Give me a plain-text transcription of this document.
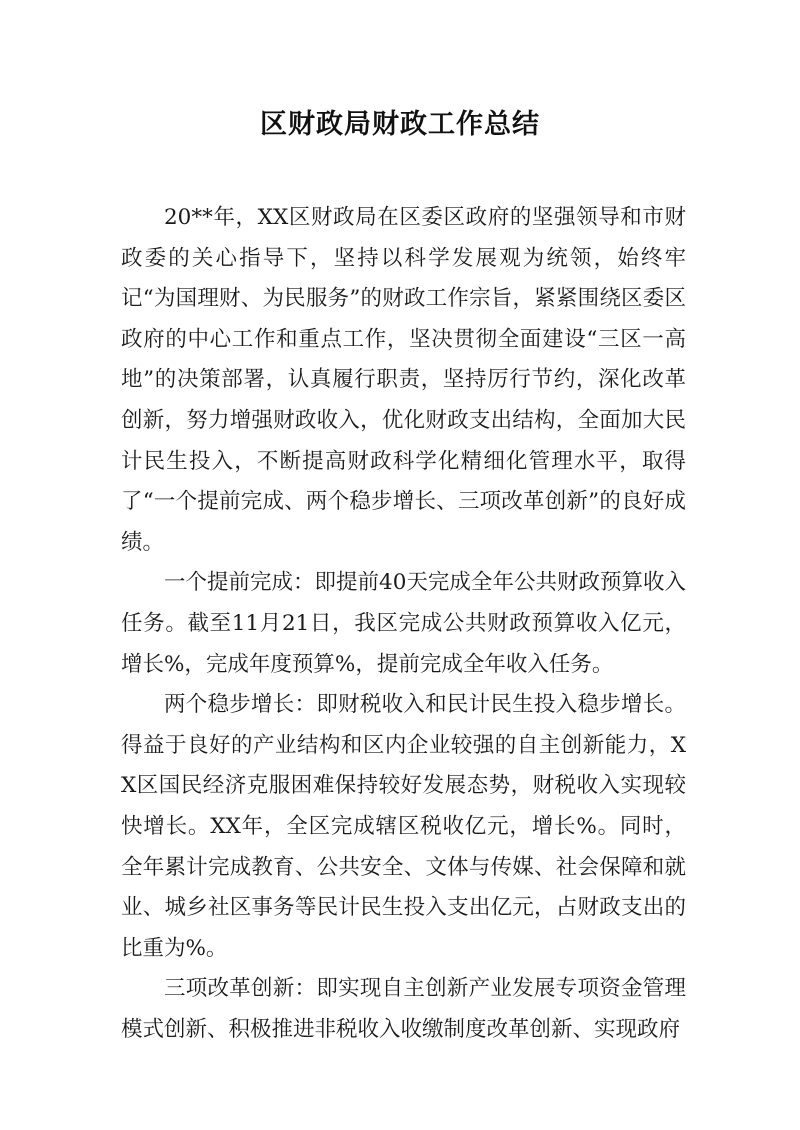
区财政局财政工作总结

20**年，XX区财政局在区委区政府的坚强领导和市财政委的关心指导下，坚持以科学发展观为统领，始终牢记“为国理财、为民服务”的财政工作宗旨，紧紧围绕区委区政府的中心工作和重点工作，坚决贯彻全面建设“三区一高地”的决策部署，认真履行职责，坚持厉行节约，深化改革创新，努力增强财政收入，优化财政支出结构，全面加大民计民生投入，不断提高财政科学化精细化管理水平，取得了“一个提前完成、两个稳步增长、三项改革创新”的良好成绩。

一个提前完成：即提前40天完成全年公共财政预算收入任务。截至11月21日，我区完成公共财政预算收入亿元，增长%，完成年度预算%，提前完成全年收入任务。

两个稳步增长：即财税收入和民计民生投入稳步增长。得益于良好的产业结构和区内企业较强的自主创新能力，XX区国民经济克服困难保持较好发展态势，财税收入实现较快增长。XX年，全区完成辖区税收亿元，增长%。同时，全年累计完成教育、公共安全、文体与传媒、社会保障和就业、城乡社区事务等民计民生投入支出亿元，占财政支出的比重为%。

三项改革创新：即实现自主创新产业发展专项资金管理模式创新、积极推进非税收入收缴制度改革创新、实现政府
